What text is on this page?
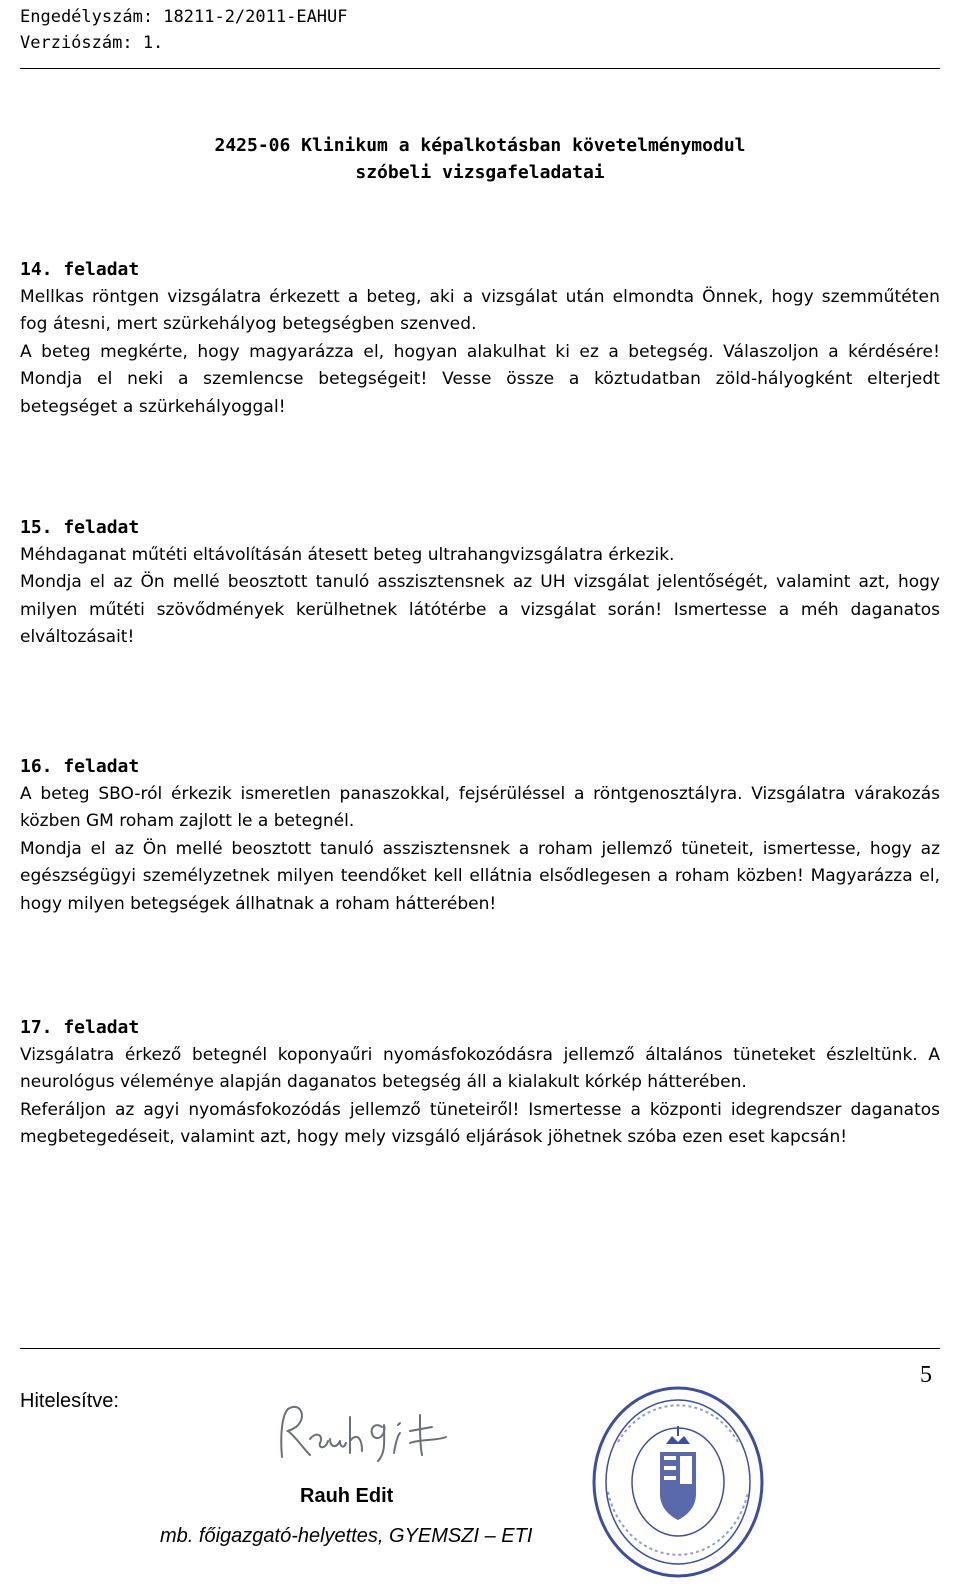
Engedélyszám: 18211-2/2011-EAHUF
Verziószám: 1.
2425-06 Klinikum a képalkotásban követelménymodul
szóbeli vizsgafeladatai
14. feladat

Mellkas röntgen vizsgálatra érkezett a beteg, aki a vizsgálat után elmondta Önnek, hogy szemműtéten fog átesni, mert szürkehályog betegségben szenved.

A beteg megkérte, hogy magyarázza el, hogyan alakulhat ki ez a betegség. Válaszoljon a kérdésére! Mondja el neki a szemlencse betegségeit! Vesse össze a köztudatban zöld-hályogként elterjedt betegséget a szürkehályoggal!

15. feladat

Méhdaganat műtéti eltávolításán átesett beteg ultrahangvizsgálatra érkezik.

Mondja el az Ön mellé beosztott tanuló asszisztensnek az UH vizsgálat jelentőségét, valamint azt, hogy milyen műtéti szövődmények kerülhetnek látótérbe a vizsgálat során! Ismertesse a méh daganatos elváltozásait!

16. feladat

A beteg SBO-ról érkezik ismeretlen panaszokkal, fejsérüléssel a röntgenosztályra. Vizsgálatra várakozás közben GM roham zajlott le a betegnél.

Mondja el az Ön mellé beosztott tanuló asszisztensnek a roham jellemző tüneteit, ismertesse, hogy az egészségügyi személyzetnek milyen teendőket kell ellátnia elsődlegesen a roham közben! Magyarázza el, hogy milyen betegségek állhatnak a roham hátterében!

17. feladat

Vizsgálatra érkező betegnél koponyaűri nyomásfokozódásra jellemző általános tüneteket észleltünk. A neurológus véleménye alapján daganatos betegség áll a kialakult kórkép hátterében.

Referáljon az agyi nyomásfokozódás jellemző tüneteiről! Ismertesse a központi idegrendszer daganatos megbetegedéseit, valamint azt, hogy mely vizsgáló eljárások jöhetnek szóba ezen eset kapcsán!

5
Hitelesítve:
Rauh Edit
mb. főigazgató-helyettes, GYEMSZI – ETI
